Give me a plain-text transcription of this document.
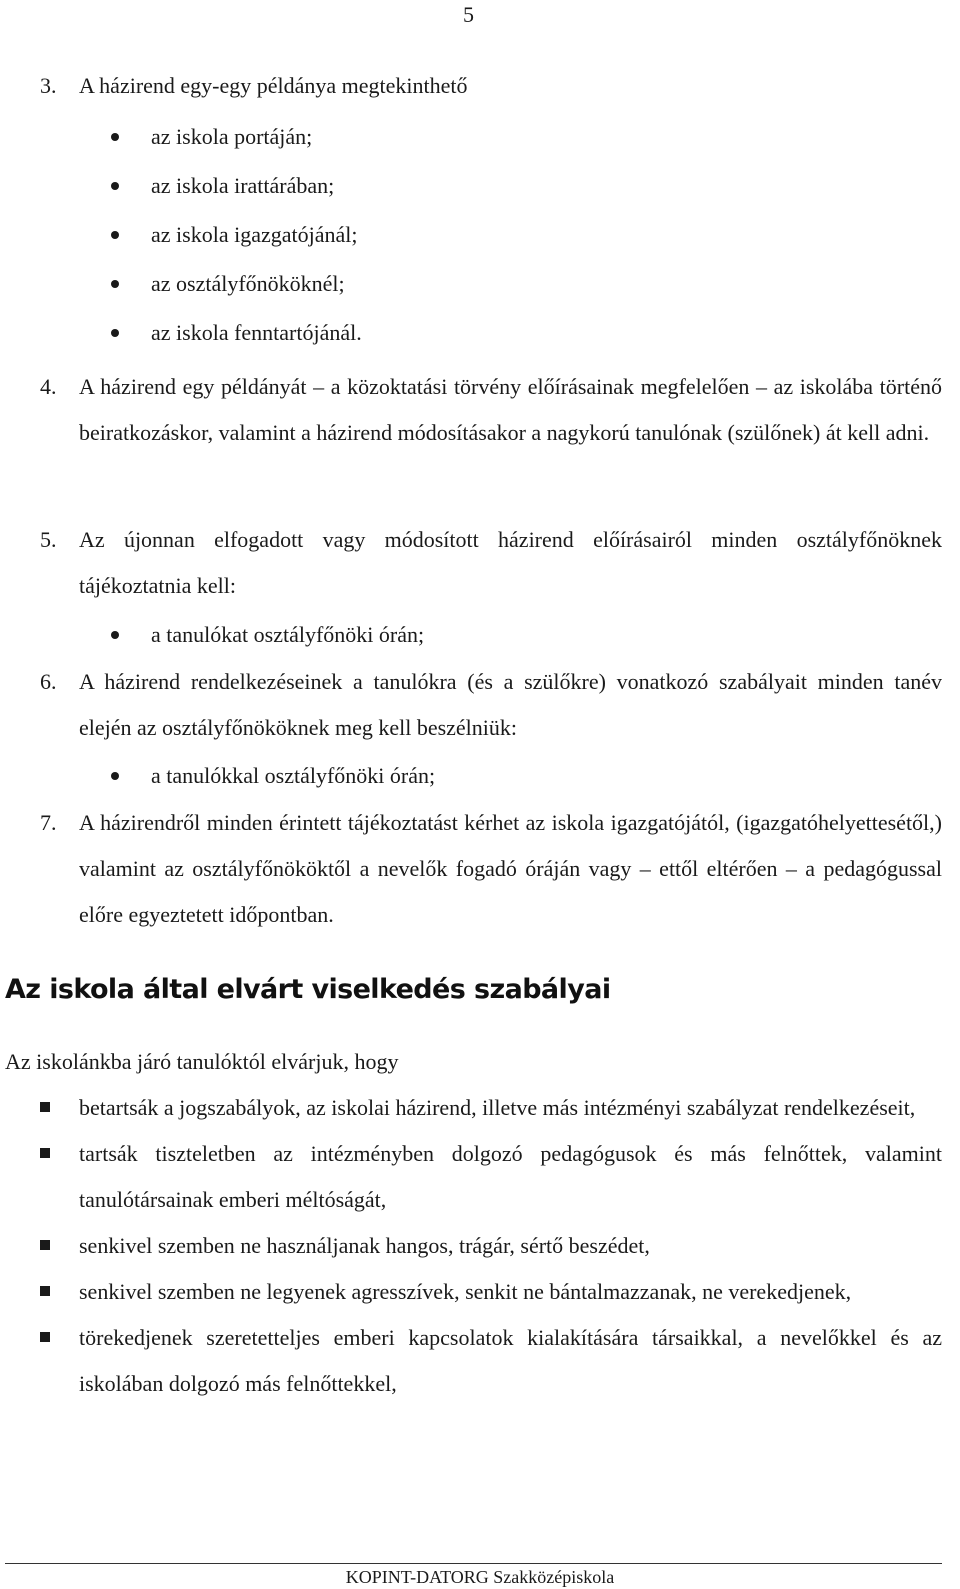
5
3. A házirend egy-egy példánya megtekinthető
az iskola portáján;
az iskola irattárában;
az iskola igazgatójánál;
az osztályfőnököknél;
az iskola fenntartójánál.
4. A házirend egy példányát – a közoktatási törvény előírásainak megfelelően – az iskolába történő beiratkozáskor, valamint a házirend módosításakor a nagykorú tanulónak (szülőnek) át kell adni.
5. Az újonnan elfogadott vagy módosított házirend előírásairól minden osztályfőnöknek tájékoztatnia kell:
a tanulókat osztályfőnöki órán;
6. A házirend rendelkezéseinek a tanulókra (és a szülőkre) vonatkozó szabályait minden tanév elején az osztályfőnököknek meg kell beszélniük:
a tanulókkal osztályfőnöki órán;
7. A házirendről minden érintett tájékoztatást kérhet az iskola igazgatójától, (igazgatóhelyettesétől,) valamint az osztályfőnököktől a nevelők fogadó óráján vagy – ettől eltérően – a pedagógussal előre egyeztetett időpontban.
Az iskola által elvárt viselkedés szabályai
Az iskolánkba járó tanulóktól elvárjuk, hogy
betartsák a jogszabályok, az iskolai házirend, illetve más intézményi szabályzat rendelkezéseit,
tartsák tiszteletben az intézményben dolgozó pedagógusok és más felnőttek, valamint tanulótársainak emberi méltóságát,
senkivel szemben ne használjanak hangos, trágár, sértő beszédet,
senkivel szemben ne legyenek agresszívek, senkit ne bántalmazzanak, ne verekedjenek,
törekedjenek szeretetteljes emberi kapcsolatok kialakítására társaikkal, a nevelőkkel és az iskolában dolgozó más felnőttekkel,
KOPINT-DATORG Szakközépiskola
